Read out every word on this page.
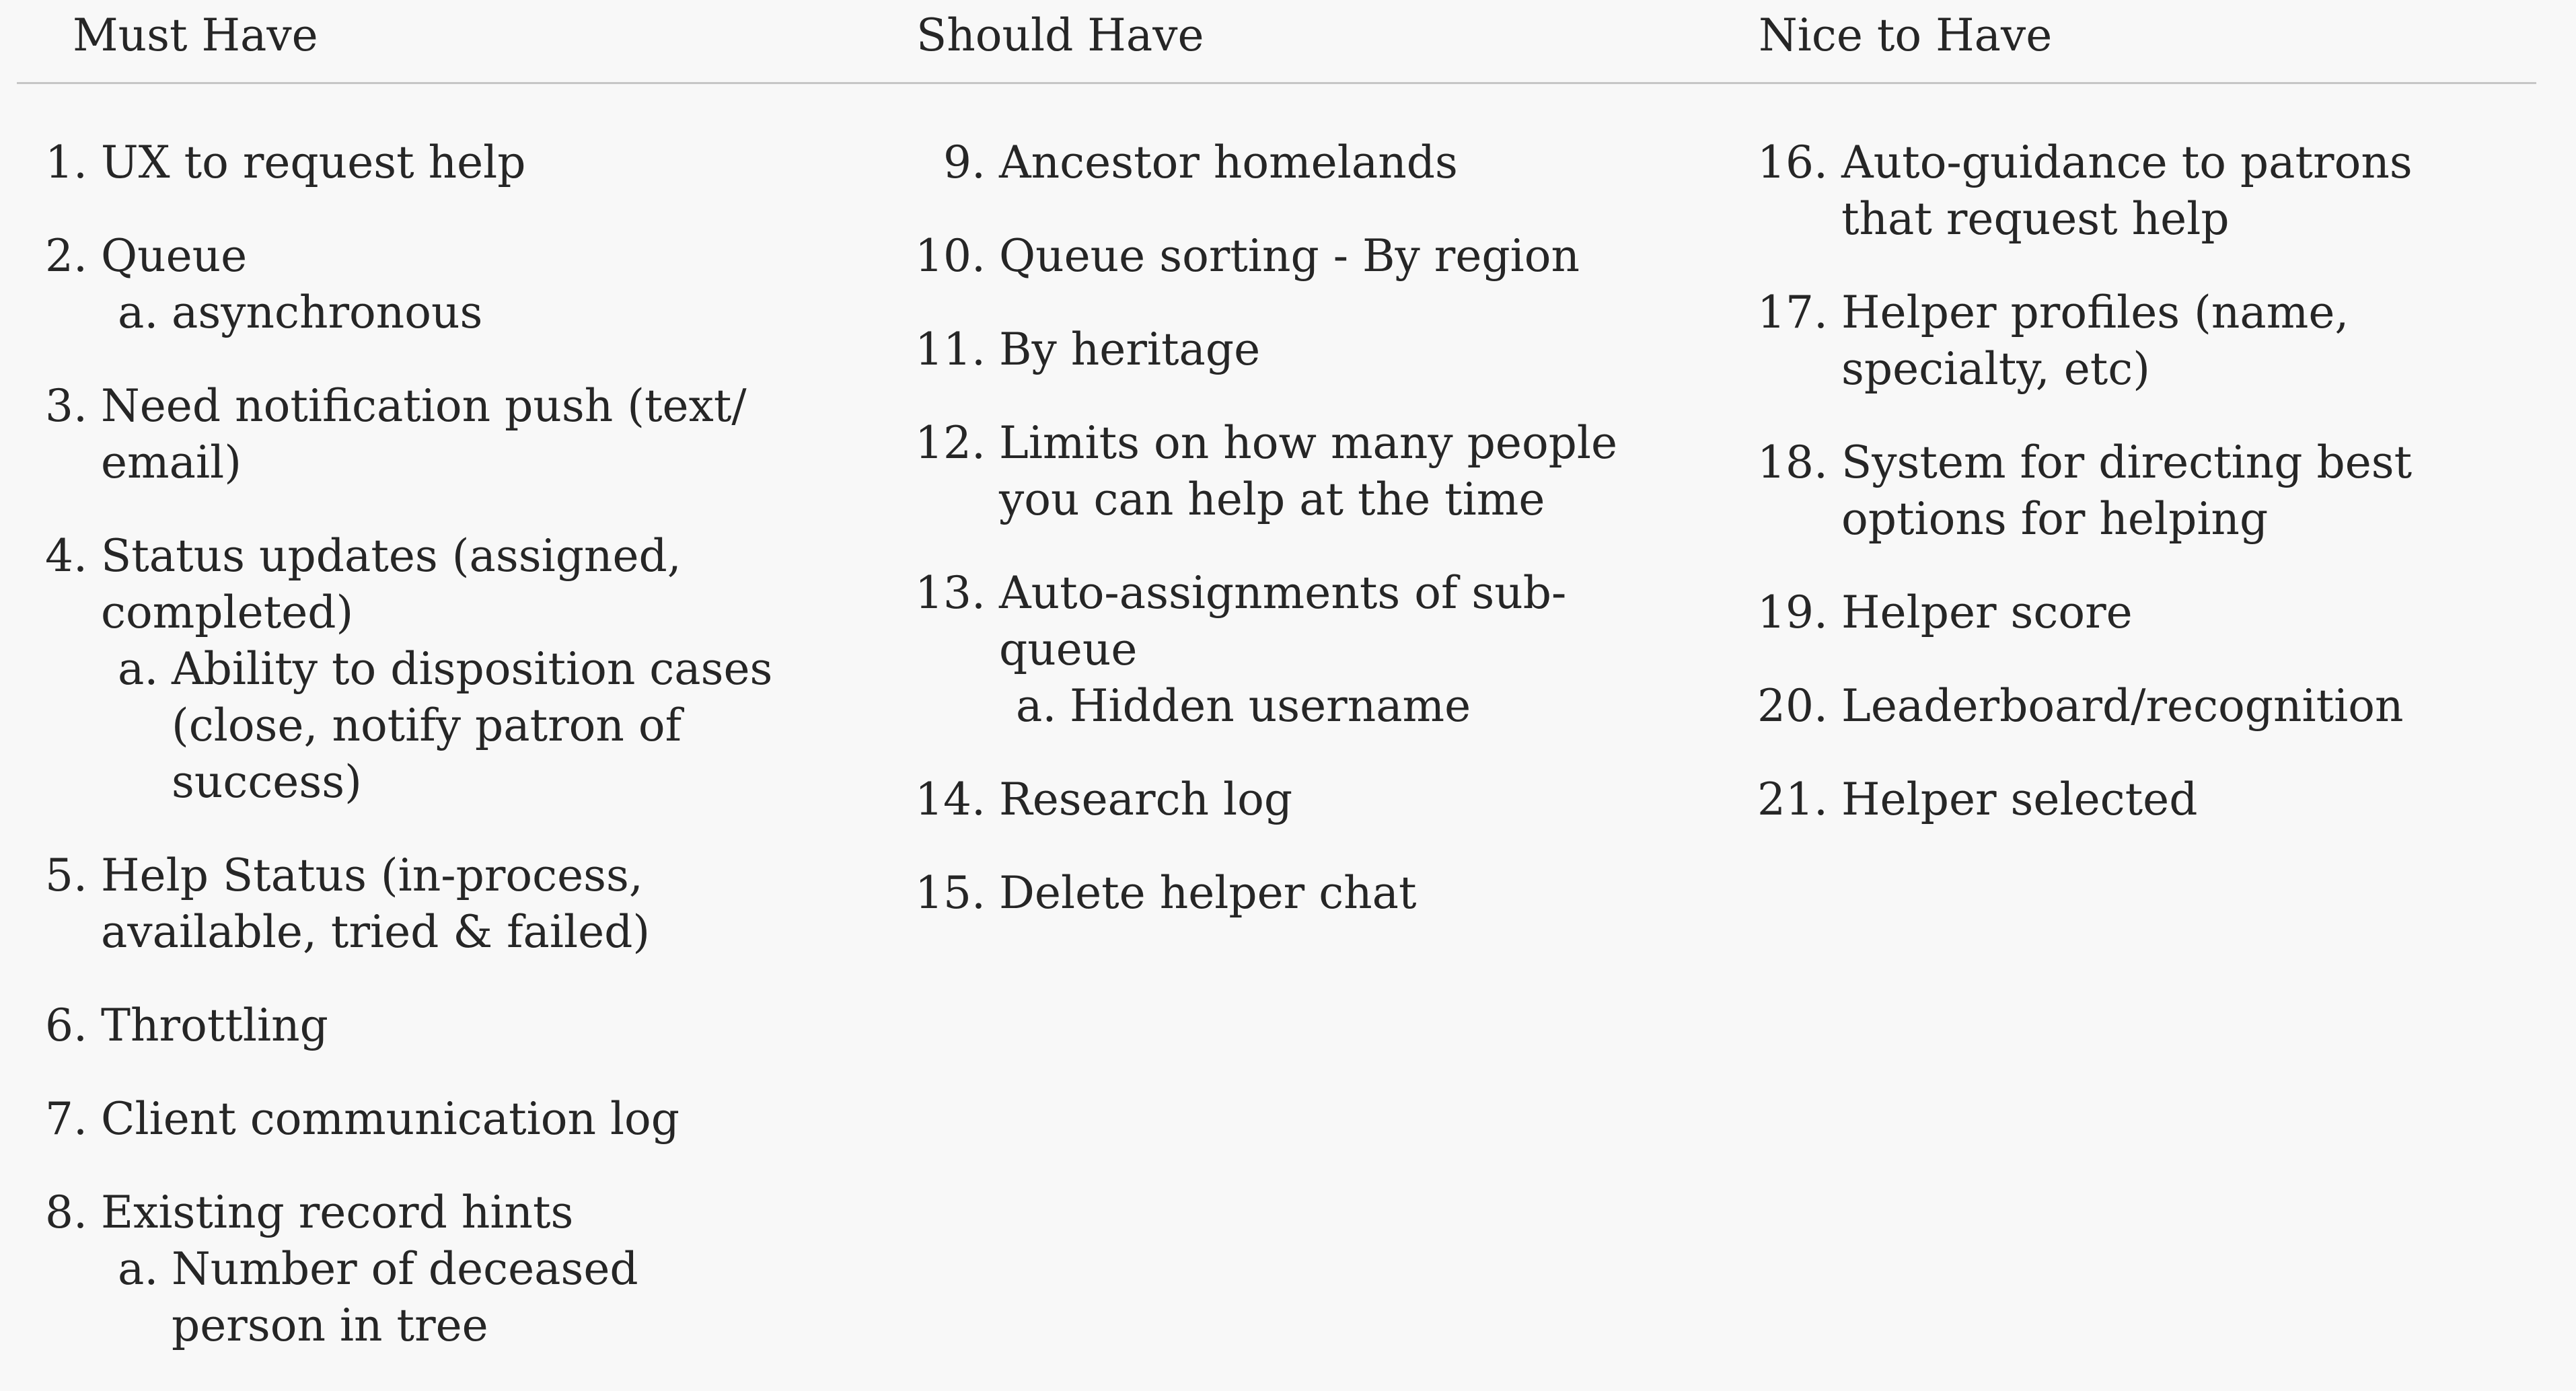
Must Have	Should Have	Nice to Have
1. UX to request help
2. Queue
a. asynchronous
3. Need notification push (text/ email)
4. Status updates (assigned, completed)
a. Ability to disposition cases (close, notify patron of success)
5. Help Status (in-process, available, tried & failed)
6. Throttling
7. Client communication log
8. Existing record hints
a. Number of deceased person in tree
9. Ancestor homelands
10. Queue sorting - By region
11. By heritage
12. Limits on how many people you can help at the time
13. Auto-assignments of sub-queue
a. Hidden username
14. Research log
15. Delete helper chat
16. Auto-guidance to patrons that request help
17. Helper profiles (name, specialty, etc)
18. System for directing best options for helping
19. Helper score
20. Leaderboard/recognition
21. Helper selected
